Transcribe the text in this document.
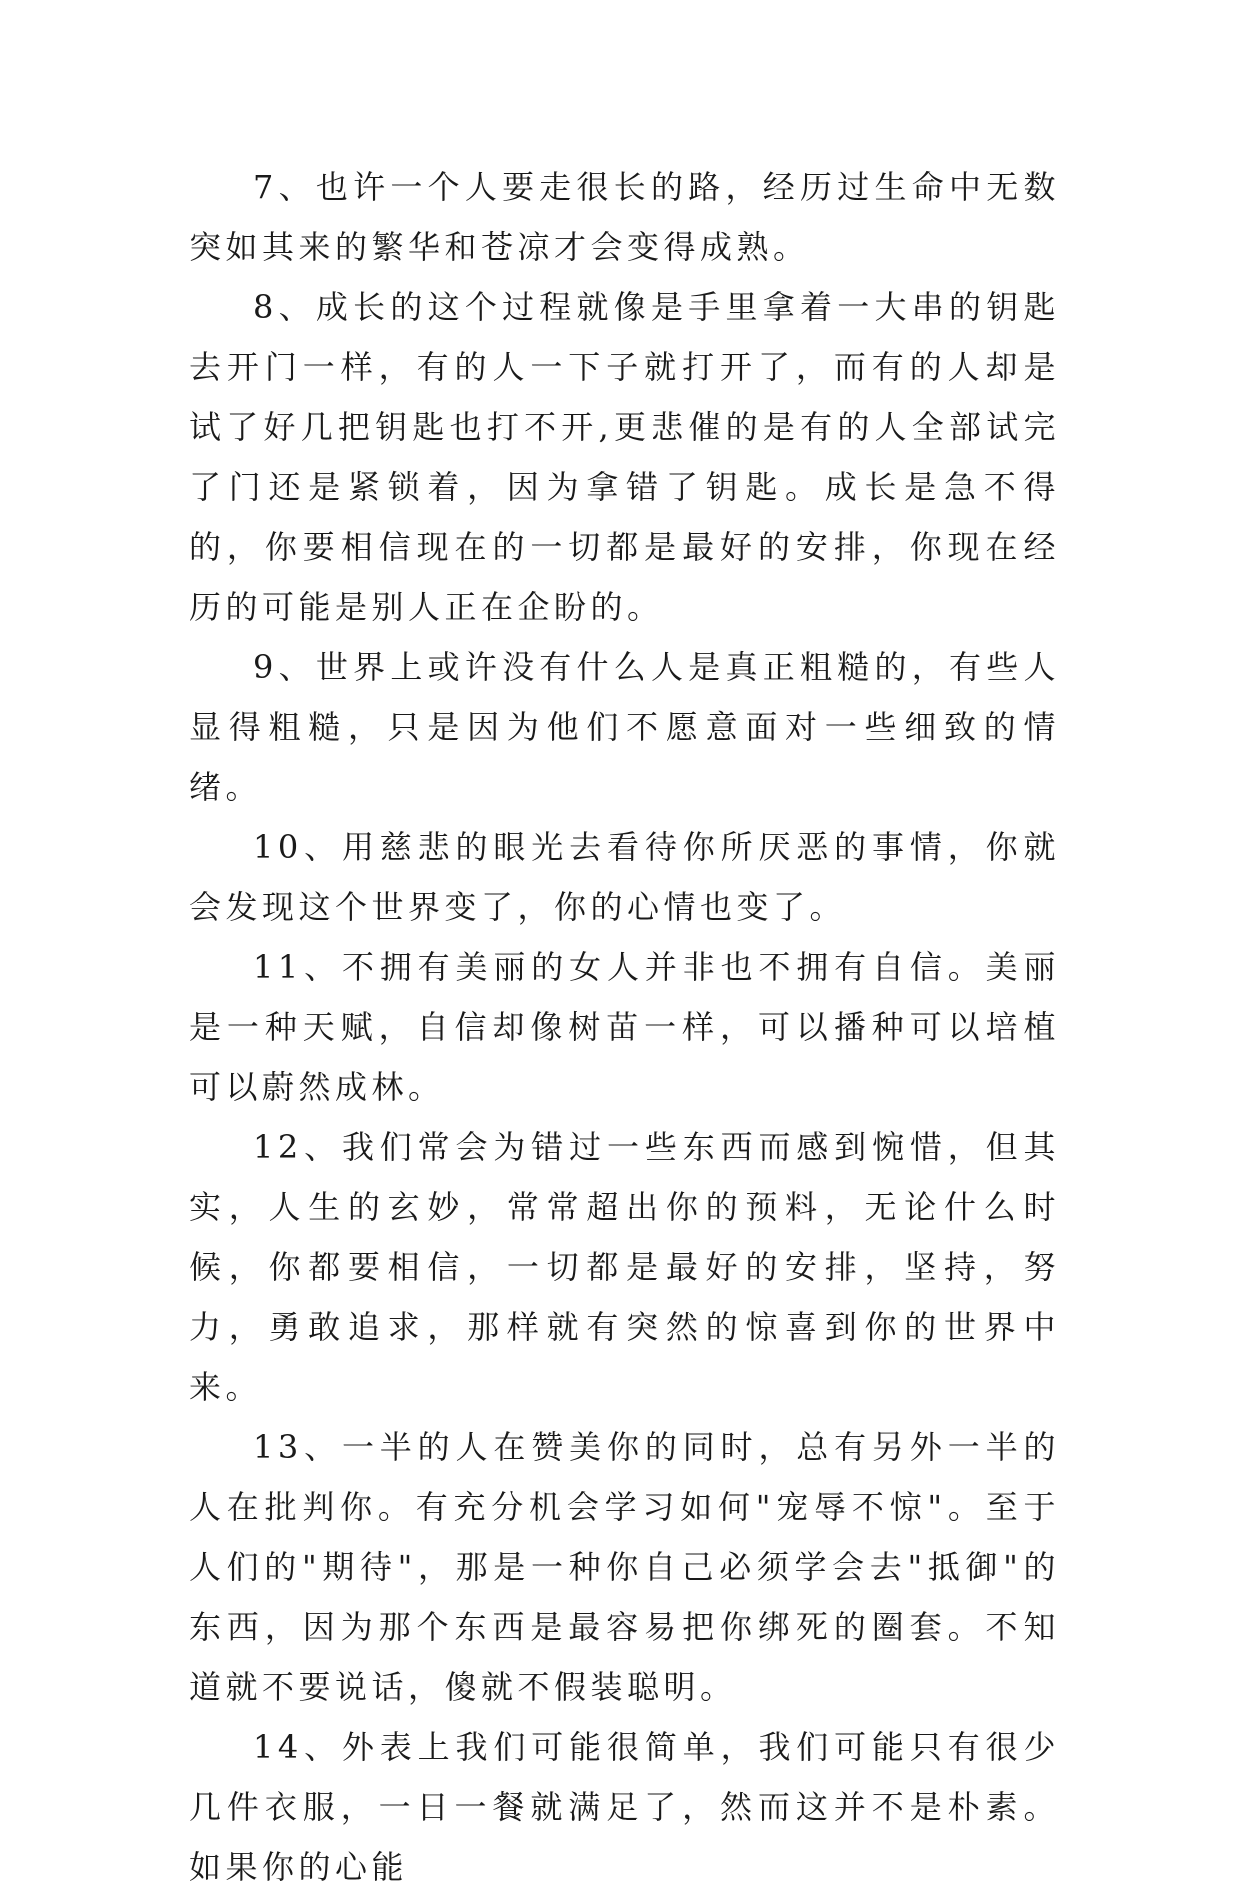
7、也许一个人要走很长的路，经历过生命中无数突如其来的繁华和苍凉才会变得成熟。

8、成长的这个过程就像是手里拿着一大串的钥匙去开门一样，有的人一下子就打开了，而有的人却是试了好几把钥匙也打不开,更悲催的是有的人全部试完了门还是紧锁着，因为拿错了钥匙。成长是急不得的，你要相信现在的一切都是最好的安排，你现在经历的可能是别人正在企盼的。

9、世界上或许没有什么人是真正粗糙的，有些人显得粗糙，只是因为他们不愿意面对一些细致的情绪。

10、用慈悲的眼光去看待你所厌恶的事情，你就会发现这个世界变了，你的心情也变了。

11、不拥有美丽的女人并非也不拥有自信。美丽是一种天赋，自信却像树苗一样，可以播种可以培植可以蔚然成林。

12、我们常会为错过一些东西而感到惋惜，但其实，人生的玄妙，常常超出你的预料，无论什么时候，你都要相信，一切都是最好的安排，坚持，努力，勇敢追求，那样就有突然的惊喜到你的世界中来。

13、一半的人在赞美你的同时，总有另外一半的人在批判你。有充分机会学习如何"宠辱不惊"。至于人们的"期待"，那是一种你自己必须学会去"抵御"的东西，因为那个东西是最容易把你绑死的圈套。不知道就不要说话，傻就不假装聪明。

14、外表上我们可能很简单，我们可能只有很少几件衣服，一日一餐就满足了，然而这并不是朴素。如果你的心能
